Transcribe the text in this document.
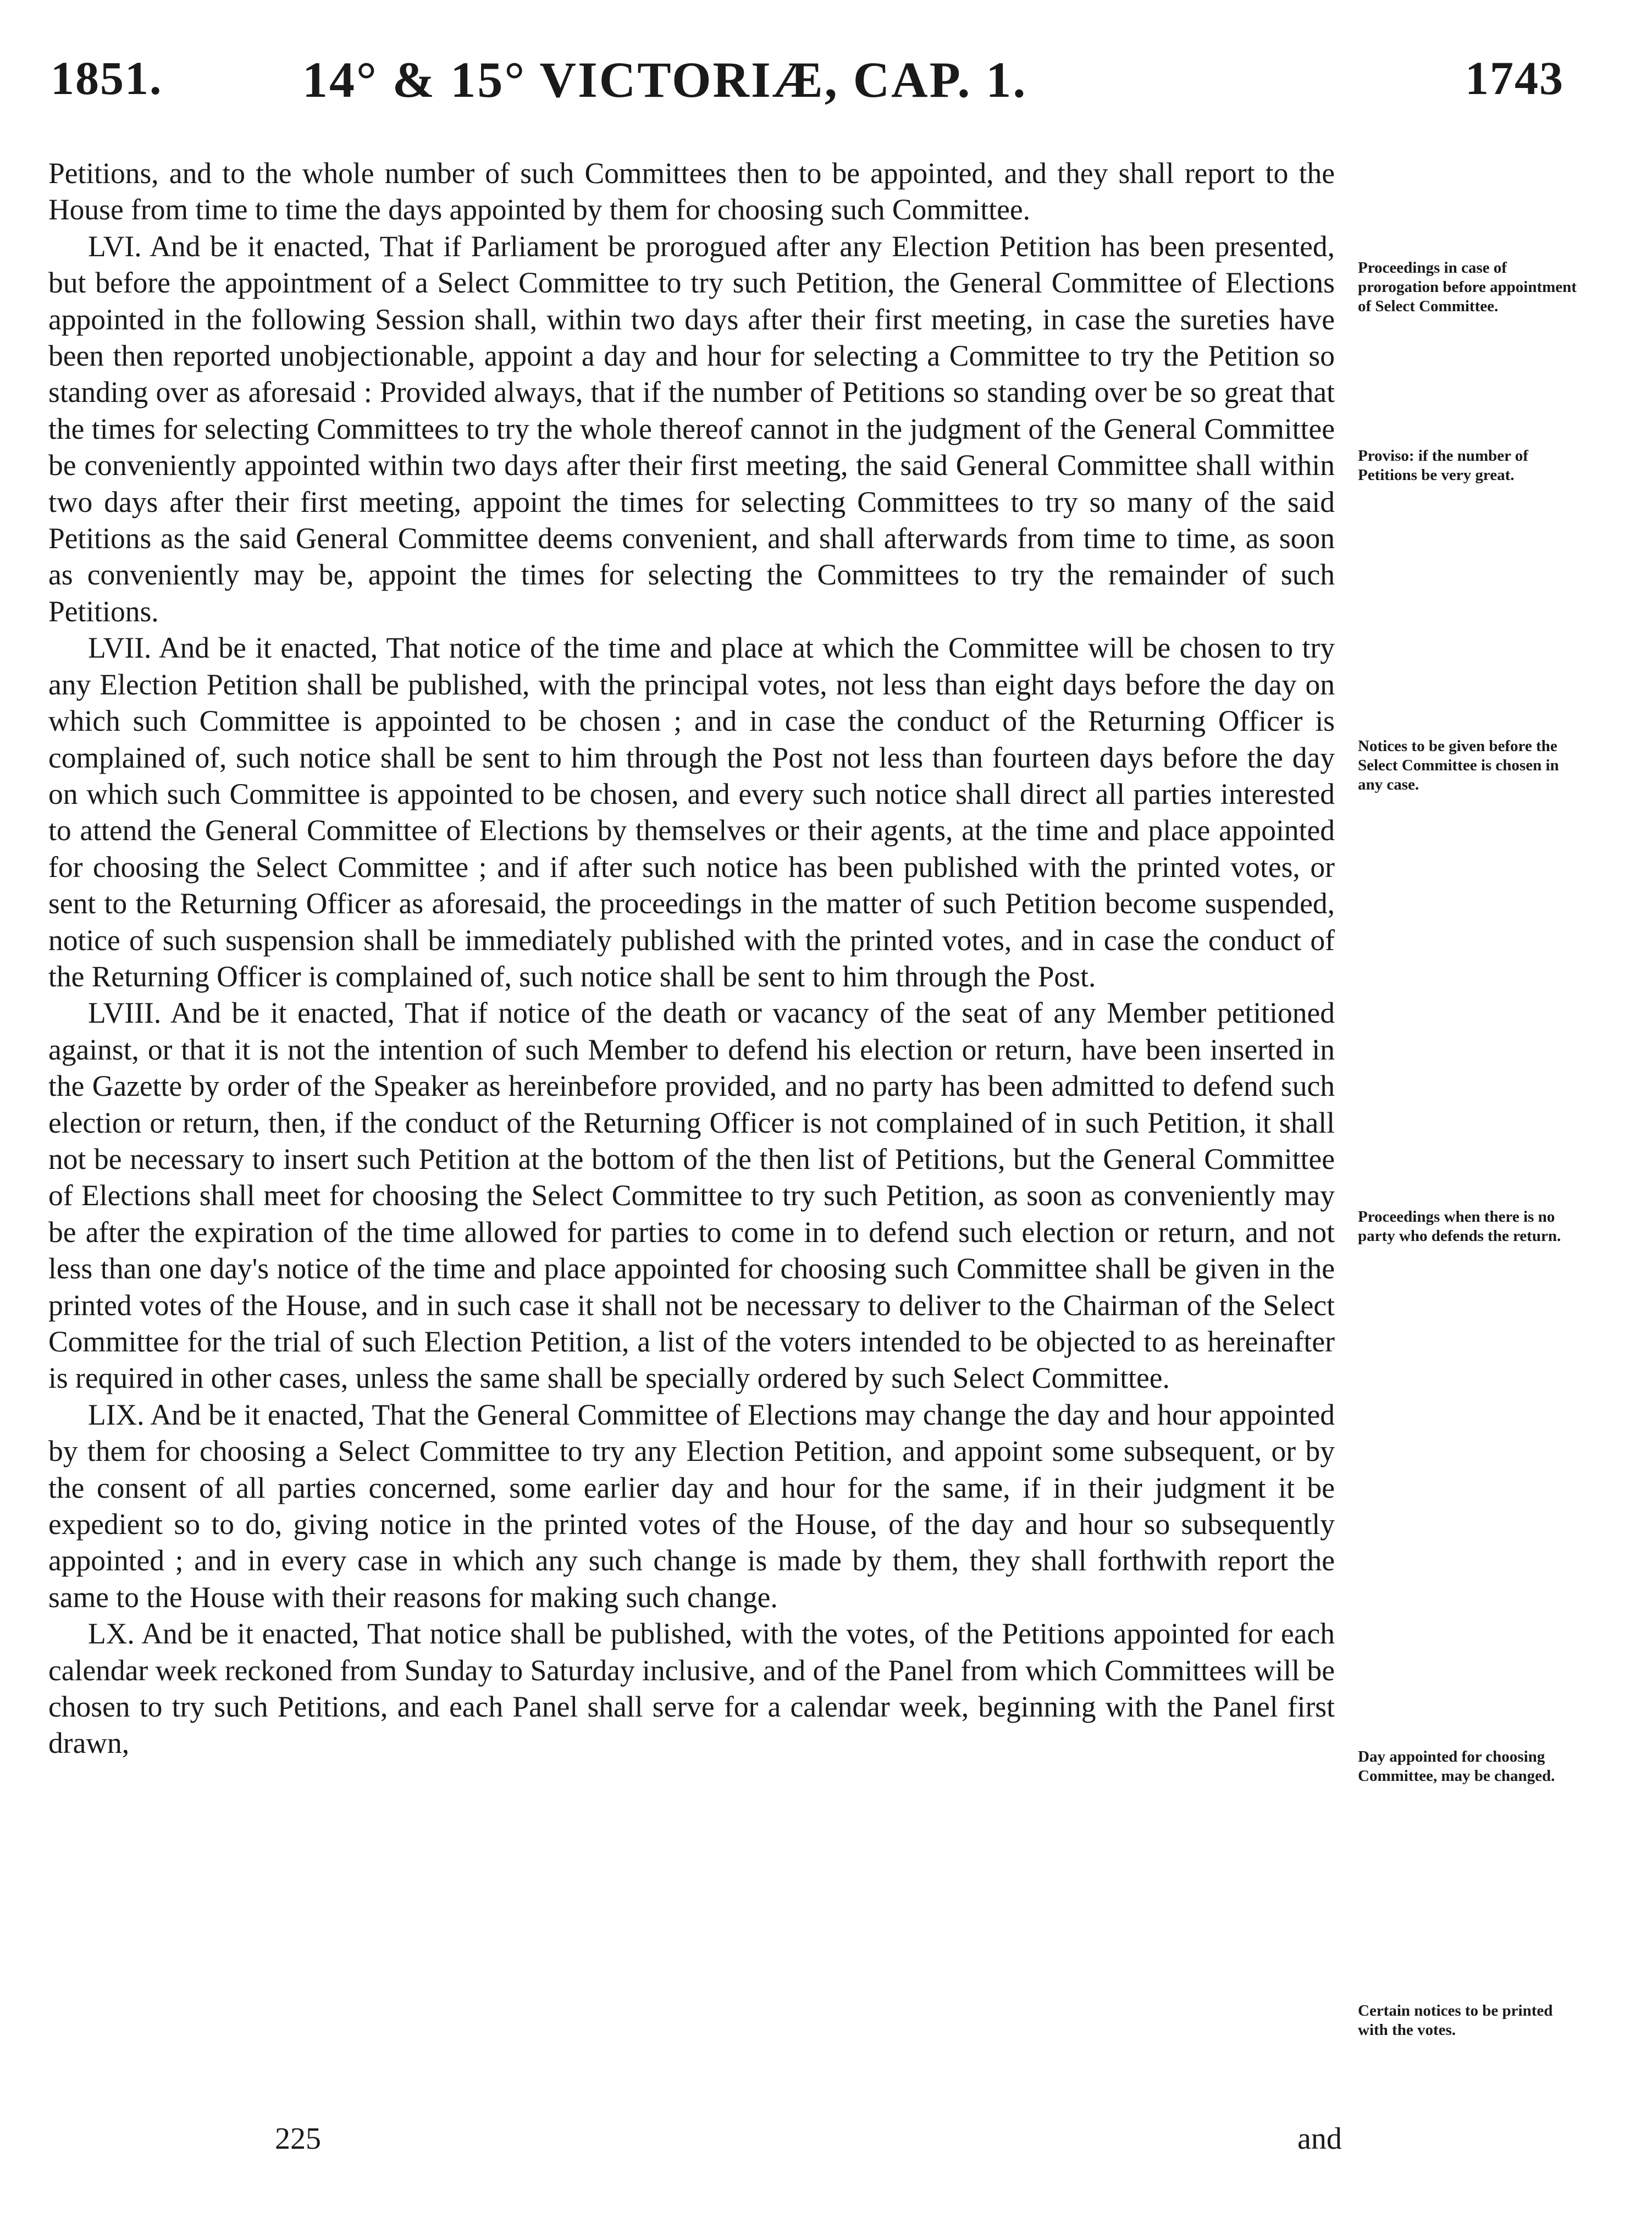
1851.	14° & 15° VICTORIÆ, CAP. 1.	1743

Petitions, and to the whole number of such Committees then to be appointed, and they shall report to the House from time to time the days appointed by them for choosing such Committee.

LVI. And be it enacted, That if Parliament be prorogued after any Election Petition has been presented, but before the appointment of a Select Committee to try such Petition, the General Committee of Elections appointed in the following Session shall, within two days after their first meeting, in case the sureties have been then reported unobjectionable, appoint a day and hour for selecting a Committee to try the Petition so standing over as aforesaid : Provided always, that if the number of Petitions so standing over be so great that the times for selecting Committees to try the whole thereof cannot in the judgment of the General Committee be conveniently appointed within two days after their first meeting, the said General Committee shall within two days after their first meeting, appoint the times for selecting Committees to try so many of the said Petitions as the said General Committee deems convenient, and shall afterwards from time to time, as soon as conveniently may be, appoint the times for selecting the Committees to try the remainder of such Petitions.

LVII. And be it enacted, That notice of the time and place at which the Committee will be chosen to try any Election Petition shall be published, with the principal votes, not less than eight days before the day on which such Committee is appointed to be chosen ; and in case the conduct of the Returning Officer is complained of, such notice shall be sent to him through the Post not less than fourteen days before the day on which such Committee is appointed to be chosen, and every such notice shall direct all parties interested to attend the General Committee of Elections by themselves or their agents, at the time and place appointed for choosing the Select Committee ; and if after such notice has been published with the printed votes, or sent to the Returning Officer as aforesaid, the proceedings in the matter of such Petition become suspended, notice of such suspension shall be immediately published with the printed votes, and in case the conduct of the Returning Officer is complained of, such notice shall be sent to him through the Post.

LVIII. And be it enacted, That if notice of the death or vacancy of the seat of any Member petitioned against, or that it is not the intention of such Member to defend his election or return, have been inserted in the Gazette by order of the Speaker as hereinbefore provided, and no party has been admitted to defend such election or return, then, if the conduct of the Returning Officer is not complained of in such Petition, it shall not be necessary to insert such Petition at the bottom of the then list of Petitions, but the General Committee of Elections shall meet for choosing the Select Committee to try such Petition, as soon as conveniently may be after the expiration of the time allowed for parties to come in to defend such election or return, and not less than one day's notice of the time and place appointed for choosing such Committee shall be given in the printed votes of the House, and in such case it shall not be necessary to deliver to the Chairman of the Select Committee for the trial of such Election Petition, a list of the voters intended to be objected to as hereinafter is required in other cases, unless the same shall be specially ordered by such Select Committee.

LIX. And be it enacted, That the General Committee of Elections may change the day and hour appointed by them for choosing a Select Committee to try any Election Petition, and appoint some subsequent, or by the consent of all parties concerned, some earlier day and hour for the same, if in their judgment it be expedient so to do, giving notice in the printed votes of the House, of the day and hour so subsequently appointed ; and in every case in which any such change is made by them, they shall forthwith report the same to the House with their reasons for making such change.

LX. And be it enacted, That notice shall be published, with the votes, of the Petitions appointed for each calendar week reckoned from Sunday to Saturday inclusive, and of the Panel from which Committees will be chosen to try such Petitions, and each Panel shall serve for a calendar week, beginning with the Panel first drawn,

Proceedings in case of prorogation before appointment of Select Committee.
Proviso: if the number of Petitions be very great.
Notices to be given before the Select Committee is chosen in any case.
Proceedings when there is no party who defends the return.
Day appointed for choosing Committee, may be changed.
Certain notices to be printed with the votes.
225	and
